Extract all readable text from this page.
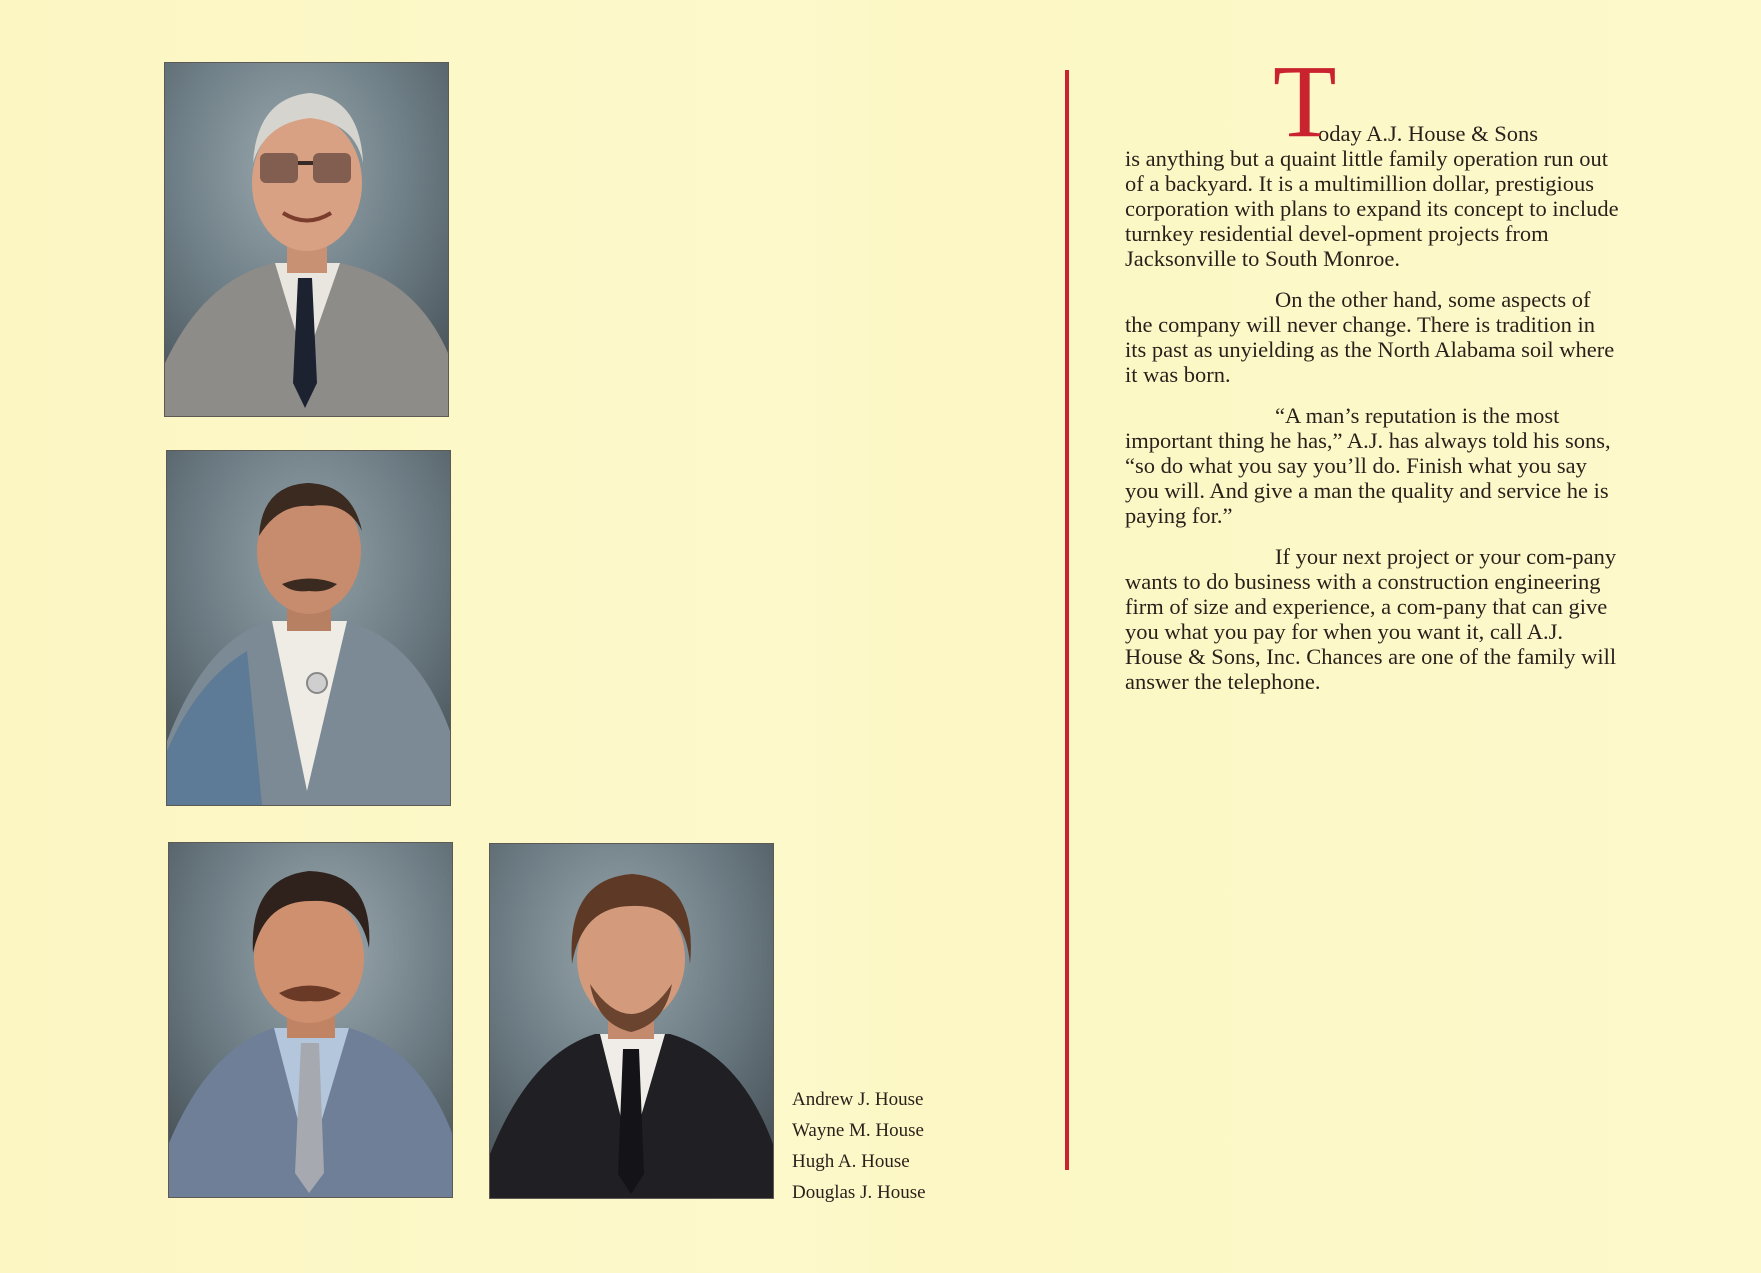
Andrew J. House
Wayne M. House
Hugh A. House
Douglas J. House
T

oday A.J. House & Sons
is anything but a quaint little family operation run out of a backyard. It is a multimillion dollar, prestigious corporation with plans to expand its concept to include turnkey residential devel-opment projects from Jacksonville to South Monroe.

On the other hand, some aspects of the company will never change. There is tradition in its past as unyielding as the North Alabama soil where it was born.

“A man’s reputation is the most important thing he has,” A.J. has always told his sons, “so do what you say you’ll do. Finish what you say you will. And give a man the quality and service he is paying for.”

If your next project or your com-pany wants to do business with a construction engineering firm of size and experience, a com-pany that can give you what you pay for when you want it, call A.J. House & Sons, Inc. Chances are one of the family will answer the telephone.
